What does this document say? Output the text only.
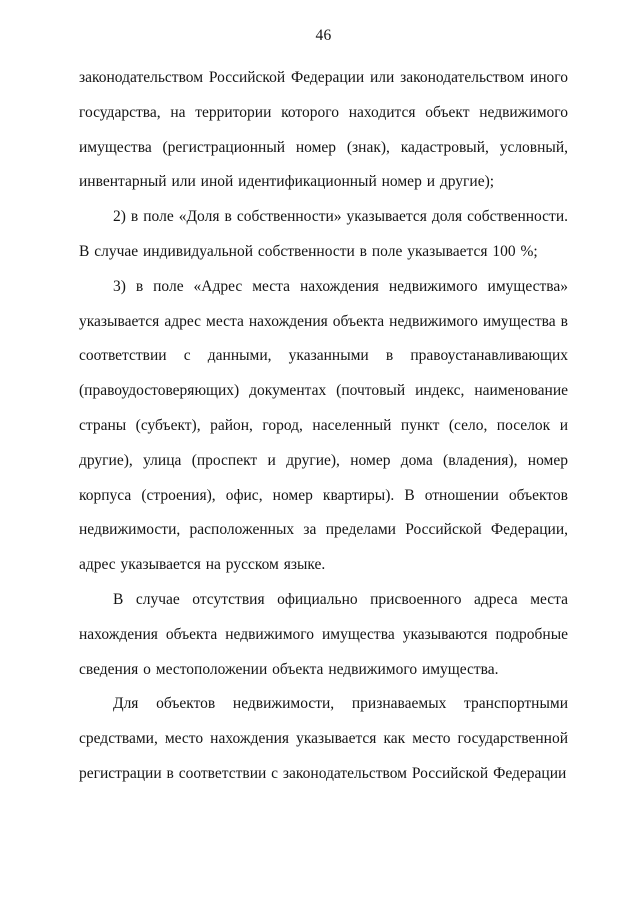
46

законодательством Российской Федерации или законодательством иного государства, на территории которого находится объект недвижимого имущества (регистрационный номер (знак), кадастровый, условный, инвентарный или иной идентификационный номер и другие);

2) в поле «Доля в собственности» указывается доля собственности. В случае индивидуальной собственности в поле указывается 100 %;

3) в поле «Адрес места нахождения недвижимого имущества» указывается адрес места нахождения объекта недвижимого имущества в соответствии с данными, указанными в правоустанавливающих (правоудостоверяющих) документах (почтовый индекс, наименование страны (субъект), район, город, населенный пункт (село, поселок и другие), улица (проспект и другие), номер дома (владения), номер корпуса (строения), офис, номер квартиры). В отношении объектов недвижимости, расположенных за пределами Российской Федерации, адрес указывается на русском языке.

В случае отсутствия официально присвоенного адреса места нахождения объекта недвижимого имущества указываются подробные сведения о местоположении объекта недвижимого имущества.

Для объектов недвижимости, признаваемых транспортными средствами, место нахождения указывается как место государственной регистрации в соответствии с законодательством Российской Федерации
